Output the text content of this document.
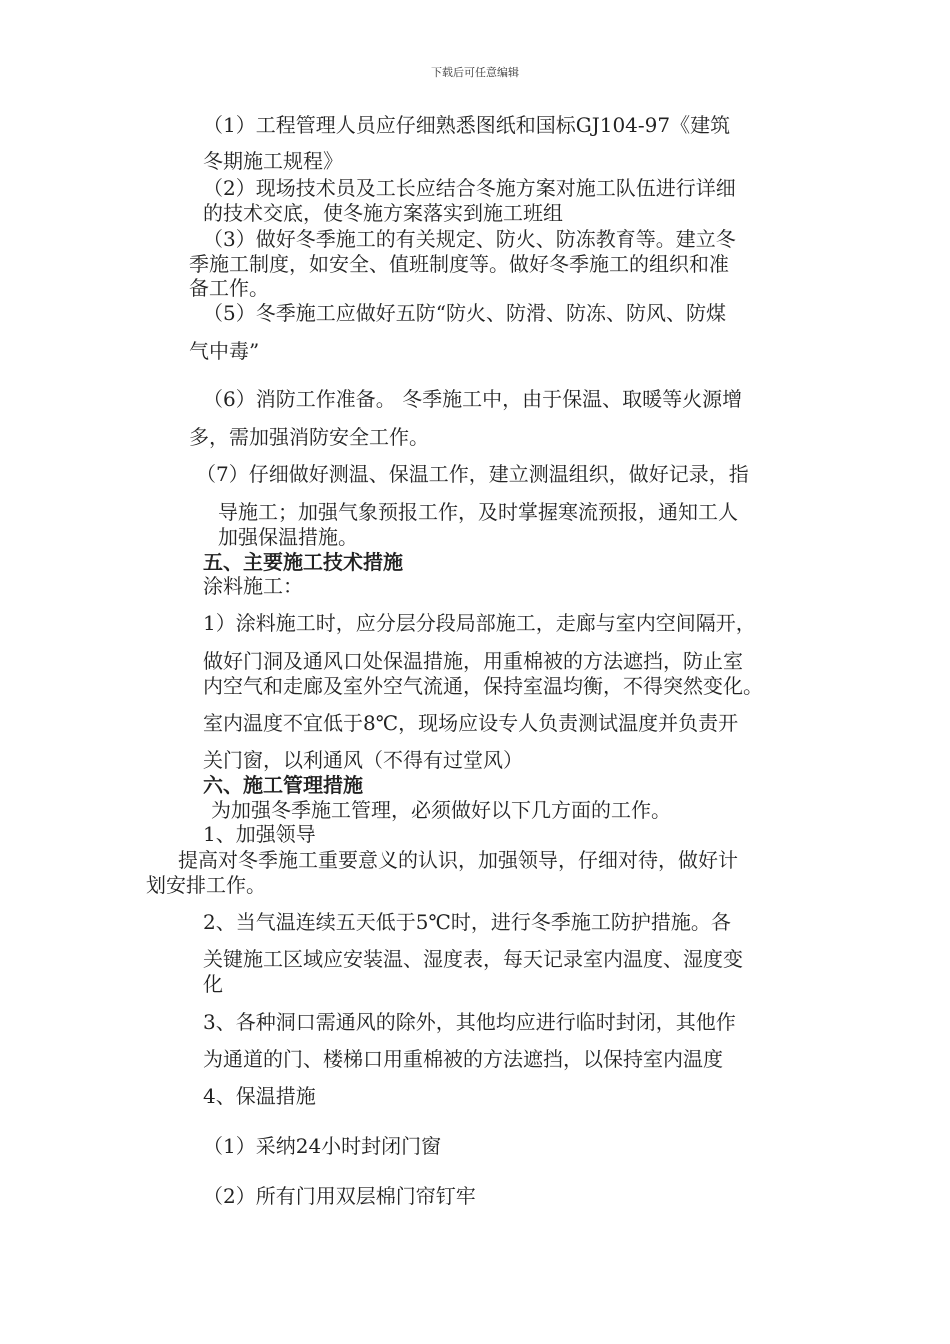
下载后可任意编辑
（1）工程管理人员应仔细熟悉图纸和国标GJ104-97《建筑
冬期施工规程》
（2）现场技术员及工长应结合冬施方案对施工队伍进行详细
的技术交底，使冬施方案落实到施工班组
（3）做好冬季施工的有关规定、防火、防冻教育等。建立冬
季施工制度，如安全、值班制度等。做好冬季施工的组织和准
备工作。
（5）冬季施工应做好五防“防火、防滑、防冻、防风、防煤
气中毒”
（6）消防工作准备。 冬季施工中，由于保温、取暖等火源增
多，需加强消防安全工作。
（7）仔细做好测温、保温工作，建立测温组织，做好记录，指
导施工；加强气象预报工作，及时掌握寒流预报，通知工人
加强保温措施。
五、主要施工技术措施
涂料施工：
1）涂料施工时，应分层分段局部施工，走廊与室内空间隔开，
做好门洞及通风口处保温措施，用重棉被的方法遮挡，防止室
内空气和走廊及室外空气流通，保持室温均衡，不得突然变化。
室内温度不宜低于8℃，现场应设专人负责测试温度并负责开
关门窗，以利通风（不得有过堂风）
六、施工管理措施
为加强冬季施工管理，必须做好以下几方面的工作。
1、加强领导
提高对冬季施工重要意义的认识，加强领导，仔细对待，做好计
划安排工作。
2、当气温连续五天低于5℃时，进行冬季施工防护措施。各
关键施工区域应安装温、湿度表，每天记录室内温度、湿度变
化
3、各种洞口需通风的除外，其他均应进行临时封闭，其他作
为通道的门、楼梯口用重棉被的方法遮挡，以保持室内温度
4、保温措施
（1）采纳24小时封闭门窗
（2）所有门用双层棉门帘钉牢
